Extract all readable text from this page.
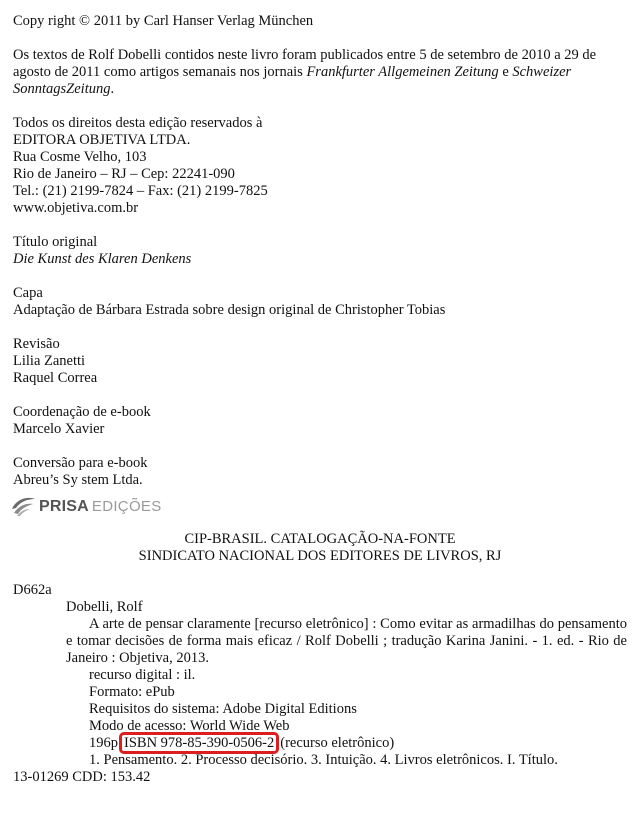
Copy right © 2011 by Carl Hanser Verlag München
Os textos de Rolf Dobelli contidos neste livro foram publicados entre 5 de setembro de 2010 a 29 de agosto de 2011 como artigos semanais nos jornais Frankfurter Allgemeinen Zeitung e Schweizer SonntagsZeitung.
Todos os direitos desta edição reservados à
EDITORA OBJETIVA LTDA.
Rua Cosme Velho, 103
Rio de Janeiro – RJ – Cep: 22241-090
Tel.: (21) 2199-7824 – Fax: (21) 2199-7825
www.objetiva.com.br
Título original
Die Kunst des Klaren Denkens
Capa
Adaptação de Bárbara Estrada sobre design original de Christopher Tobias
Revisão
Lilia Zanetti
Raquel Correa
Coordenação de e-book
Marcelo Xavier
Conversão para e-book
Abreu’s Sy stem Ltda.
PRISA EDIÇÕES
CIP-BRASIL. CATALOGAÇÃO-NA-FONTE
SINDICATO NACIONAL DOS EDITORES DE LIVROS, RJ
D662a
Dobelli, Rolf
A arte de pensar claramente [recurso eletrônico] : Como evitar as armadilhas do pensamento e tomar decisões de forma mais eficaz / Rolf Dobelli ; tradução Karina Janini. - 1. ed. - Rio de Janeiro : Objetiva, 2013.
recurso digital : il.
Formato: ePub
Requisitos do sistema: Adobe Digital Editions
Modo de acesso: World Wide Web
196p ISBN 978-85-390-0506-2 (recurso eletrônico)
1. Pensamento. 2. Processo decisório. 3. Intuição. 4. Livros eletrônicos. I. Título.
13-01269 CDD: 153.42
